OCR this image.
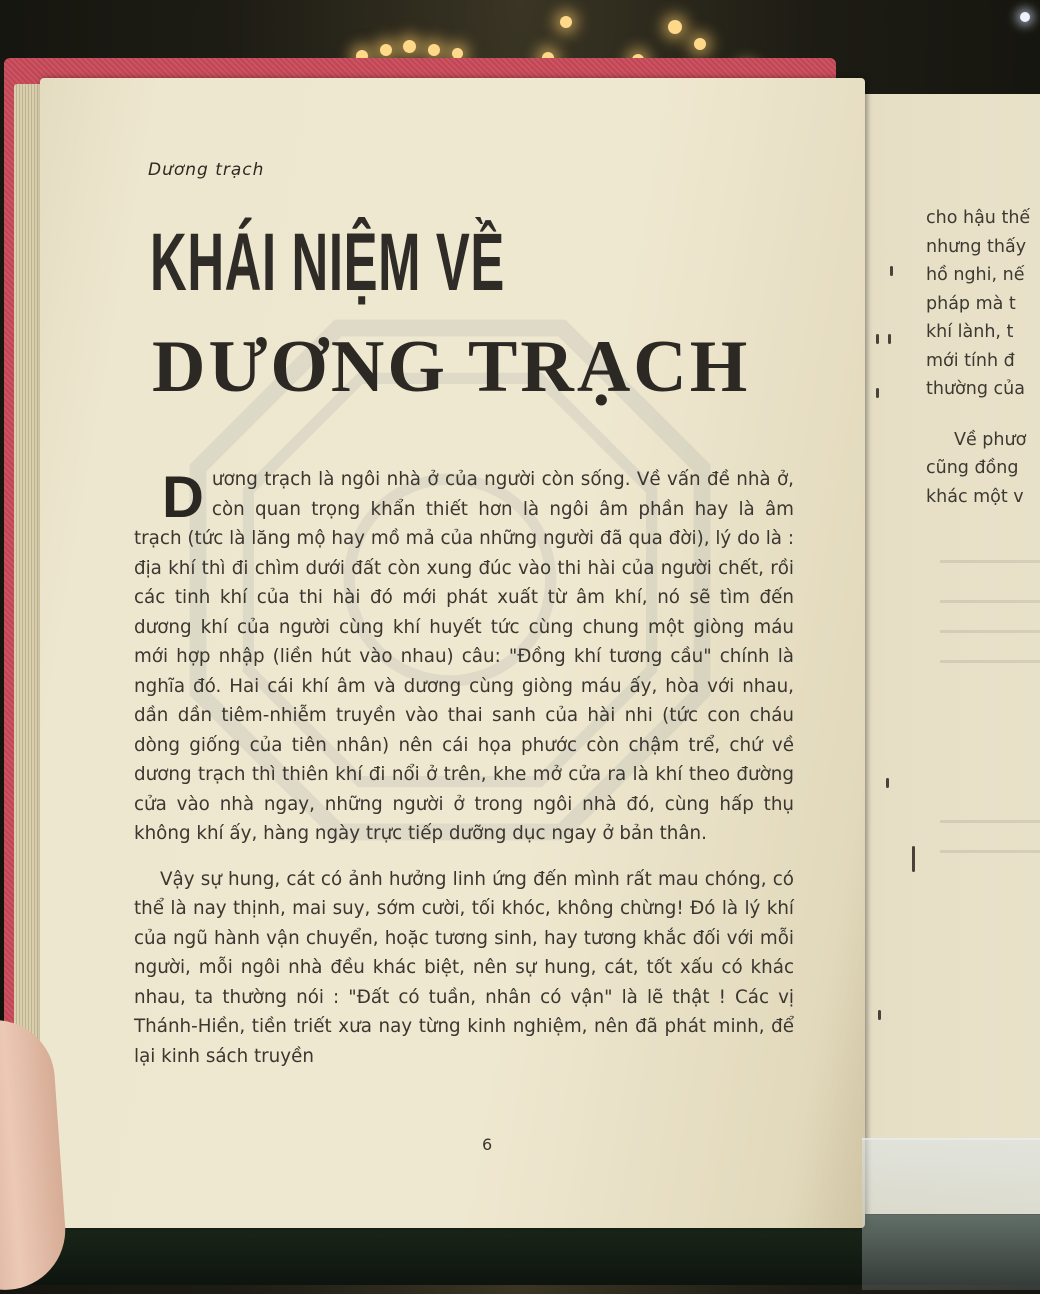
Dương trạch
KHÁI NIỆM VỀ
DƯƠNG TRẠCH

Dương trạch là ngôi nhà ở của người còn sống. Về vấn đề nhà ở, còn quan trọng khẩn thiết hơn là ngôi âm phần hay là âm trạch (tức là lăng mộ hay mồ mả của những người đã qua đời), lý do là : địa khí thì đi chìm dưới đất còn xung đúc vào thi hài của người chết, rồi các tinh khí của thi hài đó mới phát xuất từ âm khí, nó sẽ tìm đến dương khí của người cùng khí huyết tức cùng chung một giòng máu mới hợp nhập (liền hút vào nhau) câu: "Đồng khí tương cầu" chính là nghĩa đó. Hai cái khí âm và dương cùng giòng máu ấy, hòa với nhau, dần dần tiêm-nhiễm truyền vào thai sanh của hài nhi (tức con cháu dòng giống của tiên nhân) nên cái họa phước còn chậm trể, chứ về dương trạch thì thiên khí đi nổi ở trên, khe mở cửa ra là khí theo đường cửa vào nhà ngay, những người ở trong ngôi nhà đó, cùng hấp thụ không khí ấy, hàng ngày trực tiếp dưỡng dục ngay ở bản thân.

Vậy sự hung, cát có ảnh hưởng linh ứng đến mình rất mau chóng, có thể là nay thịnh, mai suy, sớm cười, tối khóc, không chừng! Đó là lý khí của ngũ hành vận chuyển, hoặc tương sinh, hay tương khắc đối với mỗi người, mỗi ngôi nhà đều khác biệt, nên sự hung, cát, tốt xấu có khác nhau, ta thường nói : "Đất có tuần, nhân có vận" là lẽ thật ! Các vị Thánh-Hiền, tiền triết xưa nay từng kinh nghiệm, nên đã phát minh, để lại kinh sách truyền

6
cho hậu thế
nhưng thấy
hồ nghi, nế
pháp mà t
khí lành, t
mới tính đ
thường của
Về phươ
cũng đồng
khác một v
